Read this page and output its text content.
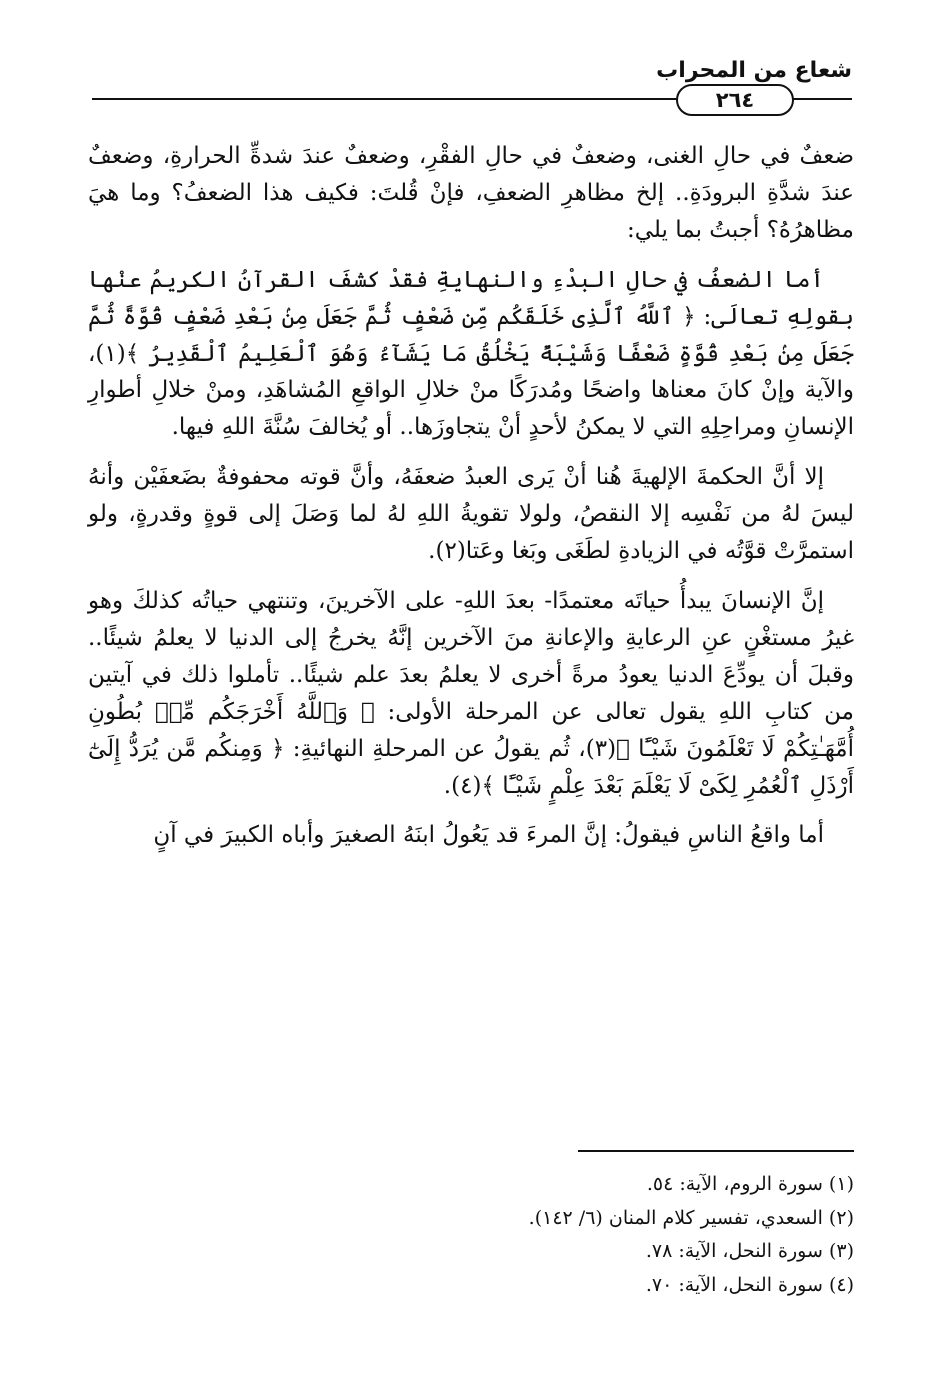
شعاع من المحراب
٢٦٤

ضعفٌ في حالِ الغنى، وضعفٌ في حالِ الفقْرِ، وضعفٌ عندَ شدةِّ الحرارةِ، وضعفٌ عندَ شدَّةِ البرودَةِ.. إلخ مظاهرِ الضعفِ، فإنْ قُلتَ: فكيف هذا الضعفُ؟ وما هيَ مظاهرُهُ؟ أجبتُ بما يلي:

أما الضعفُ في حالِ البدْءِ والنهايةِ فقدْ كشفَ القرآنُ الكريمُ عنْها بقولِهِ تعالَى: ﴿ ٱللَّهُ ٱلَّذِى خَلَقَكُم مِّن ضَعْفٍ ثُمَّ جَعَلَ مِنۢ بَعْدِ ضَعْفٍ قُوَّةً ثُمَّ جَعَلَ مِنۢ بَعْدِ قُوَّةٍ ضَعْفًا وَشَيْبَةً يَخْلُقُ مَا يَشَآءُ وَهُوَ ٱلْعَلِيمُ ٱلْقَدِيرُ ﴾(١)، والآية وإنْ كانَ معناها واضحًا ومُدرَكًا منْ خلالِ الواقعِ المُشاهَدِ، ومنْ خلالِ أطوارِ الإنسانِ ومراحِلِهِ التي لا يمكنُ لأحدٍ أنْ يتجاوزَها.. أو يُخالفَ سُنَّةَ اللهِ فيها.

إلا أنَّ الحكمةَ الإلهيةَ هُنا أنْ يَرى العبدُ ضعفَهُ، وأنَّ قوته محفوفةٌ بضَعفَيْن وأنهُ ليسَ لهُ من نَفْسِه إلا النقصُ، ولولا تقويةُ اللهِ لهُ لما وَصَلَ إلى قوةٍ وقدرةٍ، ولو استمرَّتْ قوَّتُه في الزيادةِ لطَغَى وبَغا وعَتا(٢).

إنَّ الإنسانَ يبدأُ حياتَه معتمدًا- بعدَ اللهِ- على الآخرينَ، وتنتهي حياتُه كذلكَ وهو غيرُ مستغْنٍ عنِ الرعايةِ والإعانةِ منَ الآخرين إنَّهُ يخرجُ إلى الدنيا لا يعلمُ شيئًا.. وقبلَ أن يودِّعَ الدنيا يعودُ مرةً أخرى لا يعلمُ بعدَ علم شيئًا.. تأملوا ذلك في آيتين من كتابِ اللهِ يقول تعالى عن المرحلة الأولى: ﴿ وَٱللَّهُ أَخْرَجَكُم مِّنۢ بُطُونِ أُمَّهَـٰتِكُمْ لَا تَعْلَمُونَ شَيْـًٔا ﴾(٣)، ثُم يقولُ عن المرحلةِ النهائيةِ: ﴿ وَمِنكُم مَّن يُرَدُّ إِلَىٰٓ أَرْذَلِ ٱلْعُمُرِ لِكَىْ لَا يَعْلَمَ بَعْدَ عِلْمٍ شَيْـًٔا ﴾(٤).

أما واقعُ الناسِ فيقولُ: إنَّ المرءَ قد يَعُولُ ابنَهُ الصغيرَ وأباه الكبيرَ في آنٍ

(١) سورة الروم، الآية: ٥٤.
(٢) السعدي، تفسير كلام المنان (٦/ ١٤٢).
(٣) سورة النحل، الآية: ٧٨.
(٤) سورة النحل، الآية: ٧٠.
